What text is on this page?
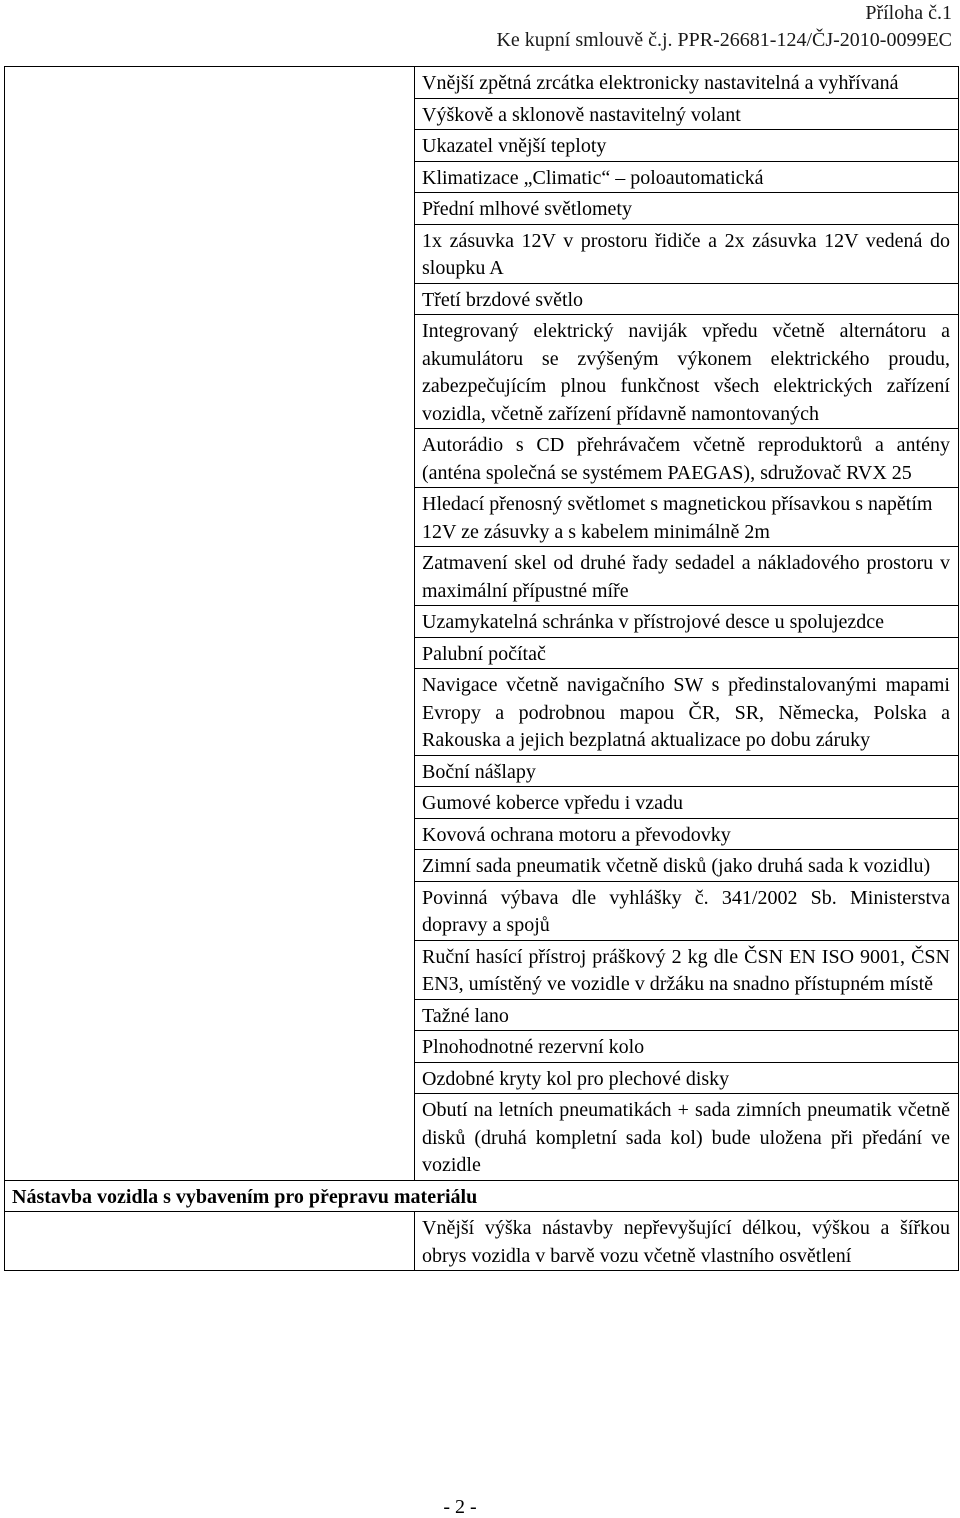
Příloha č.1
Ke kupní smlouvě č.j. PPR-26681-124/ČJ-2010-0099EC
	Vnější zpětná zrcátka elektronicky nastavitelná a vyhřívaná
	Výškově a sklonově nastavitelný volant
	Ukazatel vnější teploty
	Klimatizace „Climatic“ – poloautomatická
	Přední mlhové světlomety
	1x zásuvka 12V v prostoru řidiče a 2x zásuvka 12V vedená do sloupku A
	Třetí brzdové světlo
	Integrovaný elektrický naviják vpředu včetně alternátoru a akumulátoru se zvýšeným výkonem elektrického proudu, zabezpečujícím plnou funkčnost všech elektrických zařízení vozidla, včetně zařízení přídavně namontovaných
	Autorádio s CD přehrávačem včetně reproduktorů a antény (anténa společná se systémem PAEGAS), sdružovač RVX 25
	Hledací přenosný světlomet s magnetickou přísavkou s napětím 12V ze zásuvky a s kabelem minimálně 2m
	Zatmavení skel od druhé řady sedadel a nákladového prostoru v maximální přípustné míře
	Uzamykatelná schránka v přístrojové desce u spolujezdce
	Palubní počítač
	Navigace včetně navigačního SW s předinstalovanými mapami Evropy a podrobnou mapou ČR, SR, Německa, Polska a Rakouska a jejich bezplatná aktualizace po dobu záruky
	Boční nášlapy
	Gumové koberce vpředu i vzadu
	Kovová ochrana motoru a převodovky
	Zimní sada pneumatik včetně disků (jako druhá sada k vozidlu)
	Povinná výbava dle vyhlášky č. 341/2002 Sb. Ministerstva dopravy a spojů
	Ruční hasící přístroj práškový 2 kg dle ČSN EN ISO 9001, ČSN EN3, umístěný ve vozidle v držáku na snadno přístupném místě
	Tažné lano
	Plnohodnotné rezervní kolo
	Ozdobné kryty kol pro plechové disky
	Obutí na letních pneumatikách + sada zimních pneumatik včetně disků (druhá kompletní sada kol) bude uložena při předání ve vozidle
Nástavba vozidla s vybavením pro přepravu materiálu	
	Vnější výška nástavby nepřevyšující délkou, výškou a šířkou obrys vozidla v barvě vozu včetně vlastního osvětlení
- 2 -
